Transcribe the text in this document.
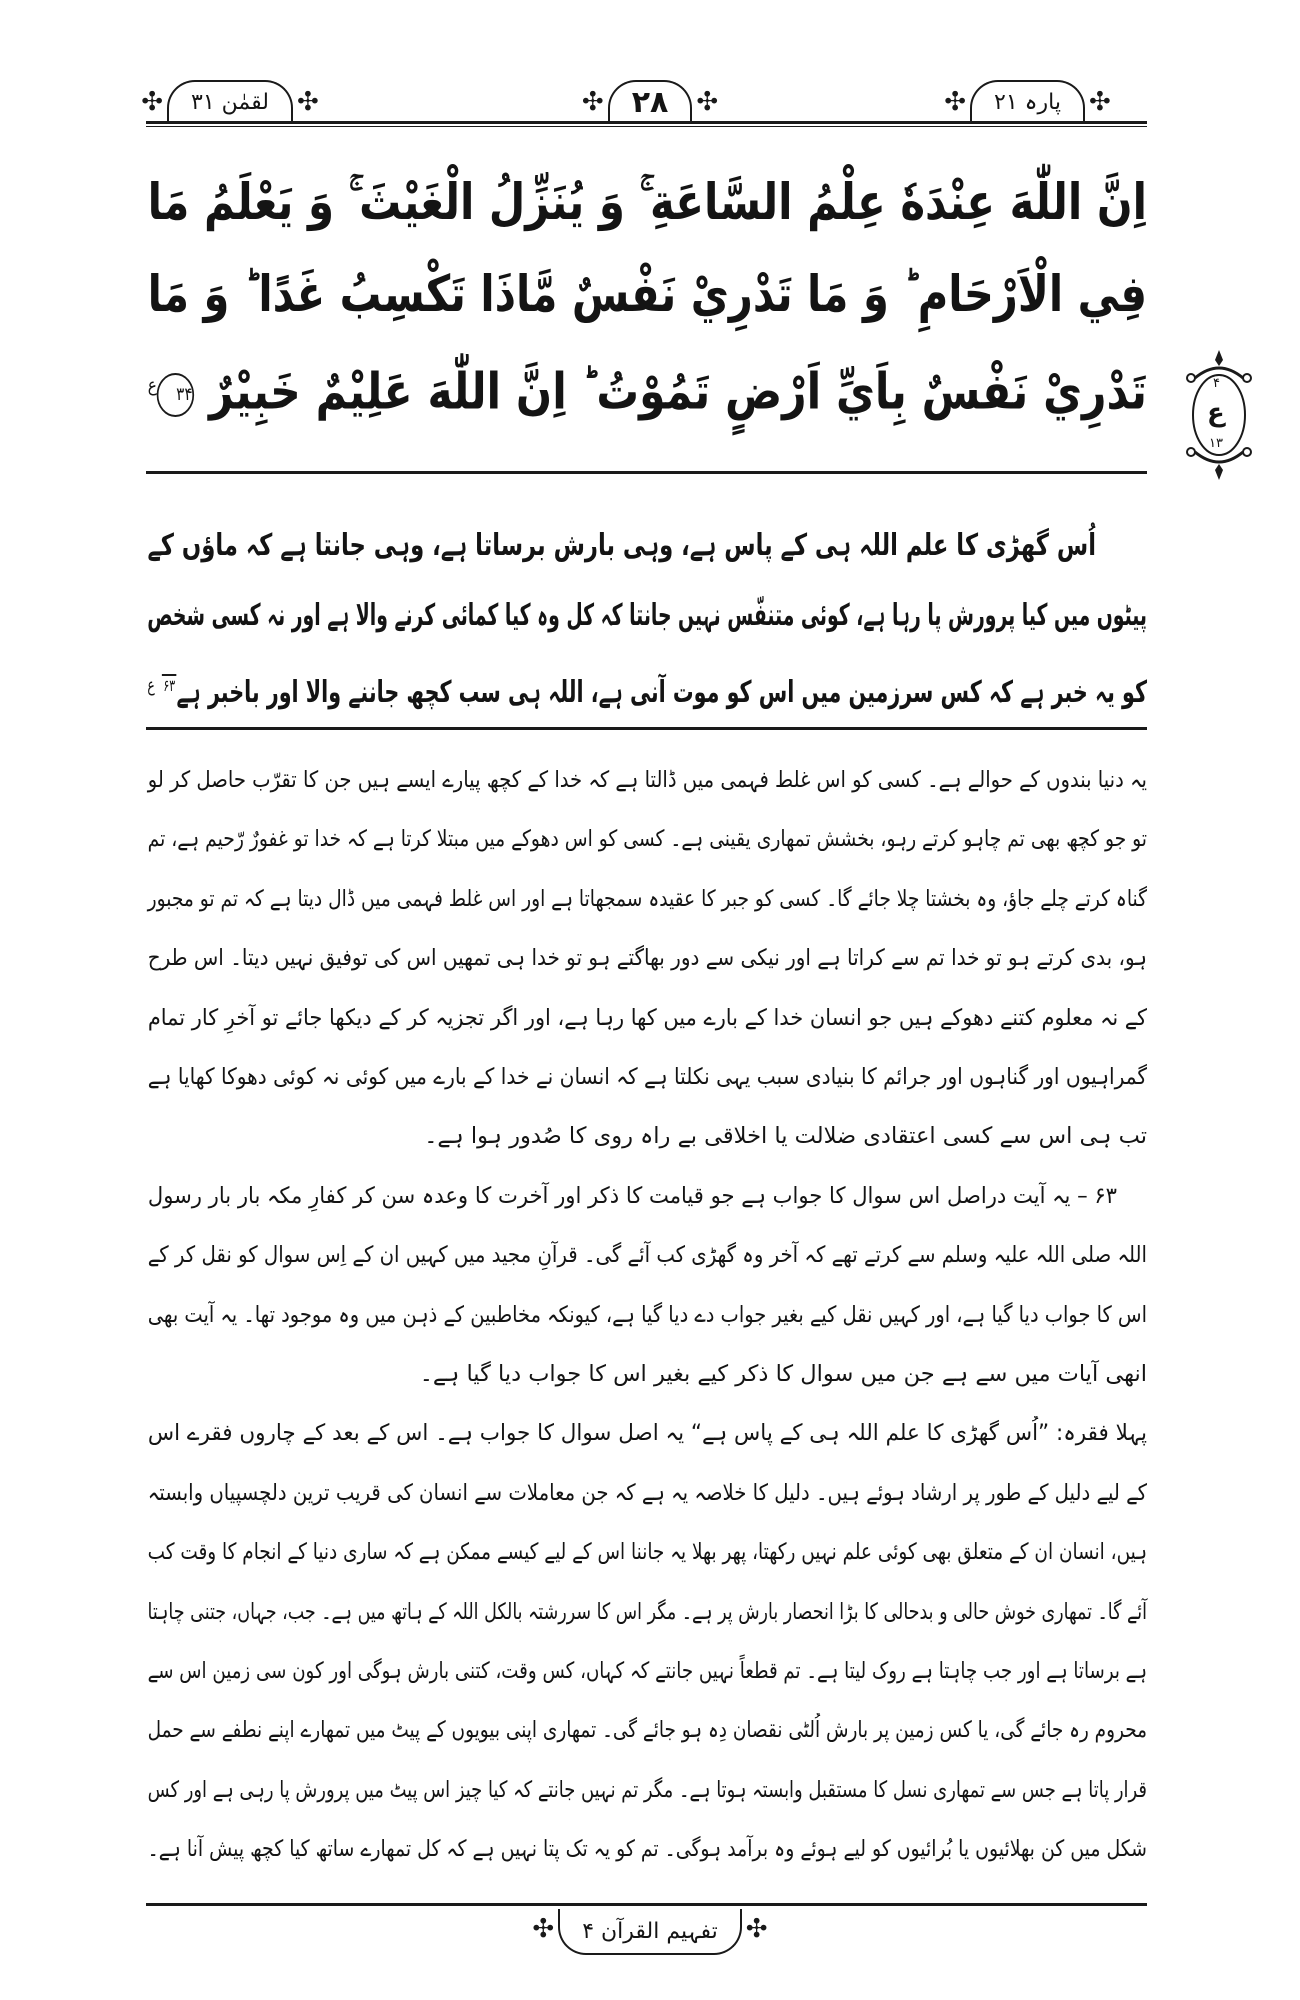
✣	لقمٰن ۳۱	✣	✣ ۲۸	✣	✣	پارہ ۲۱	✣
اِنَّ اللّٰهَ عِنْدَهٗ عِلْمُ السَّاعَةِ ۚ وَ يُنَزِّلُ الْغَيْثَ ۚ وَ يَعْلَمُ مَا
فِي الْاَرْحَامِ ؕ وَ مَا تَدْرِيْ نَفْسٌ مَّاذَا تَكْسِبُ غَدًا ؕ وَ مَا
تَدْرِيْ نَفْسٌ بِاَيِّ اَرْضٍ تَمُوْتُ ؕ اِنَّ اللّٰهَ عَلِيْمٌ خَبِيْرٌ $۳۴^ع$	۴
ع
۱۳
اُس گھڑی کا علم اللہ ہی کے پاس ہے، وہی بارش برساتا ہے، وہی جانتا ہے کہ ماؤں کے
پیٹوں میں کیا پرورش پا رہا ہے، کوئی متنفّس نہیں جانتا کہ کل وہ کیا کمائی کرنے والا ہے اور نہ کسی شخص
کو یہ خبر ہے کہ کس سرزمین میں اس کو موت آنی ہے، اللہ ہی سب کچھ جاننے والا اور باخبر ہے$^{۶۳}$ $^ع$
یہ دنیا بندوں کے حوالے ہے۔ کسی کو اس غلط فہمی میں ڈالتا ہے کہ خدا کے کچھ پیارے ایسے ہیں جن کا تقرّب حاصل کر لو
تو جو کچھ بھی تم چاہو کرتے رہو، بخشش تمھاری یقینی ہے۔ کسی کو اس دھوکے میں مبتلا کرتا ہے کہ خدا تو غفورٌ رّحیم ہے، تم
گناہ کرتے چلے جاؤ، وہ بخشتا چلا جائے گا۔ کسی کو جبر کا عقیدہ سمجھاتا ہے اور اس غلط فہمی میں ڈال دیتا ہے کہ تم تو مجبور
ہو، بدی کرتے ہو تو خدا تم سے کراتا ہے اور نیکی سے دور بھاگتے ہو تو خدا ہی تمھیں اس کی توفیق نہیں دیتا۔ اس طرح
کے نہ معلوم کتنے دھوکے ہیں جو انسان خدا کے بارے میں کھا رہا ہے، اور اگر تجزیہ کر کے دیکھا جائے تو آخرِ کار تمام
گمراہیوں اور گناہوں اور جرائم کا بنیادی سبب یہی نکلتا ہے کہ انسان نے خدا کے بارے میں کوئی نہ کوئی دھوکا کھایا ہے
تب ہی اس سے کسی اعتقادی ضلالت یا اخلاقی بے راہ روی کا صُدور ہوا ہے۔
۶۳ – یہ آیت دراصل اس سوال کا جواب ہے جو قیامت کا ذکر اور آخرت کا وعدہ سن کر کفارِ مکہ بار بار رسول
اللہ صلی اللہ علیہ وسلم سے کرتے تھے کہ آخر وہ گھڑی کب آئے گی۔ قرآنِ مجید میں کہیں ان کے اِس سوال کو نقل کر کے
اس کا جواب دیا گیا ہے، اور کہیں نقل کیے بغیر جواب دے دیا گیا ہے، کیونکہ مخاطبین کے ذہن میں وہ موجود تھا۔ یہ آیت بھی
انھی آیات میں سے ہے جن میں سوال کا ذکر کیے بغیر اس کا جواب دیا گیا ہے۔
پہلا فقرہ: ”اُس گھڑی کا علم اللہ ہی کے پاس ہے“ یہ اصل سوال کا جواب ہے۔ اس کے بعد کے چاروں فقرے اس
کے لیے دلیل کے طور پر ارشاد ہوئے ہیں۔ دلیل کا خلاصہ یہ ہے کہ جن معاملات سے انسان کی قریب ترین دلچسپیاں وابستہ
ہیں، انسان ان کے متعلق بھی کوئی علم نہیں رکھتا، پھر بھلا یہ جاننا اس کے لیے کیسے ممکن ہے کہ ساری دنیا کے انجام کا وقت کب
آئے گا۔ تمھاری خوش حالی و بدحالی کا بڑا انحصار بارش پر ہے۔ مگر اس کا سررشتہ بالکل اللہ کے ہاتھ میں ہے۔ جب، جہاں، جتنی چاہتا
ہے برساتا ہے اور جب چاہتا ہے روک لیتا ہے۔ تم قطعاً نہیں جانتے کہ کہاں، کس وقت، کتنی بارش ہوگی اور کون سی زمین اس سے
محروم رہ جائے گی، یا کس زمین پر بارش اُلٹی نقصان دِہ ہو جائے گی۔ تمھاری اپنی بیویوں کے پیٹ میں تمھارے اپنے نطفے سے حمل
قرار پاتا ہے جس سے تمھاری نسل کا مستقبل وابستہ ہوتا ہے۔ مگر تم نہیں جانتے کہ کیا چیز اس پیٹ میں پرورش پا رہی ہے اور کس
شکل میں کن بھلائیوں یا بُرائیوں کو لیے ہوئے وہ برآمد ہوگی۔ تم کو یہ تک پتا نہیں ہے کہ کل تمھارے ساتھ کیا کچھ پیش آنا ہے۔
✣	تفہیم القرآن ۴	✣
